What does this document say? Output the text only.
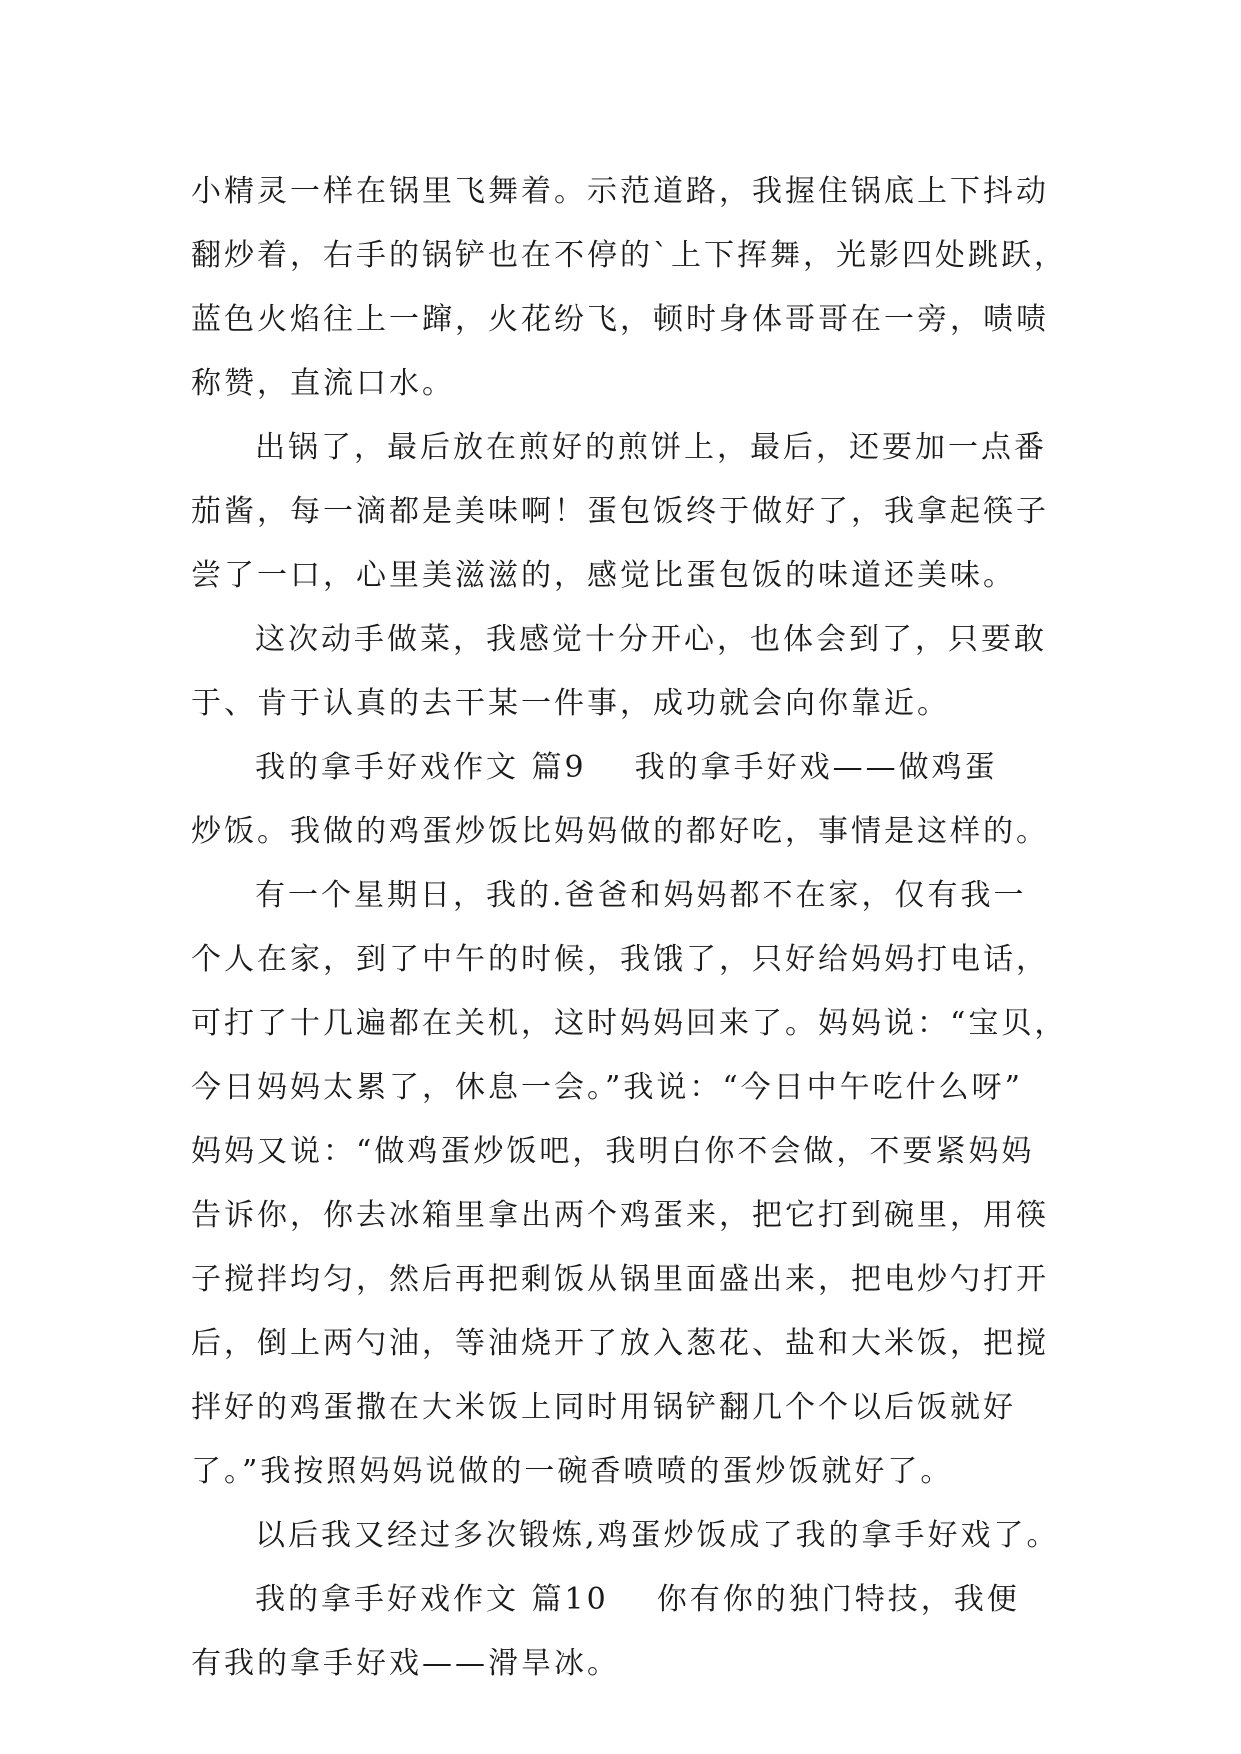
小精灵一样在锅里飞舞着。示范道路，我握住锅底上下抖动
翻炒着，右手的锅铲也在不停的`上下挥舞，光影四处跳跃，
蓝色火焰往上一蹿，火花纷飞，顿时身体哥哥在一旁，啧啧
称赞，直流口水。
出锅了，最后放在煎好的煎饼上，最后，还要加一点番
茄酱，每一滴都是美味啊！蛋包饭终于做好了，我拿起筷子
尝了一口，心里美滋滋的，感觉比蛋包饭的味道还美味。
这次动手做菜，我感觉十分开心，也体会到了，只要敢
于、肯于认真的去干某一件事，成功就会向你靠近。
我的拿手好戏作文 篇9 我的拿手好戏——做鸡蛋
炒饭。我做的鸡蛋炒饭比妈妈做的都好吃，事情是这样的。
有一个星期日，我的.爸爸和妈妈都不在家，仅有我一
个人在家，到了中午的时候，我饿了，只好给妈妈打电话，
可打了十几遍都在关机，这时妈妈回来了。妈妈说：“宝贝，
今日妈妈太累了，休息一会。”我说：“今日中午吃什么呀”
妈妈又说：“做鸡蛋炒饭吧，我明白你不会做，不要紧妈妈
告诉你，你去冰箱里拿出两个鸡蛋来，把它打到碗里，用筷
子搅拌均匀，然后再把剩饭从锅里面盛出来，把电炒勺打开
后，倒上两勺油，等油烧开了放入葱花、盐和大米饭，把搅
拌好的鸡蛋撒在大米饭上同时用锅铲翻几个个以后饭就好
了。”我按照妈妈说做的一碗香喷喷的蛋炒饭就好了。
以后我又经过多次锻炼,鸡蛋炒饭成了我的拿手好戏了。
我的拿手好戏作文 篇10 你有你的独门特技，我便
有我的拿手好戏——滑旱冰。
